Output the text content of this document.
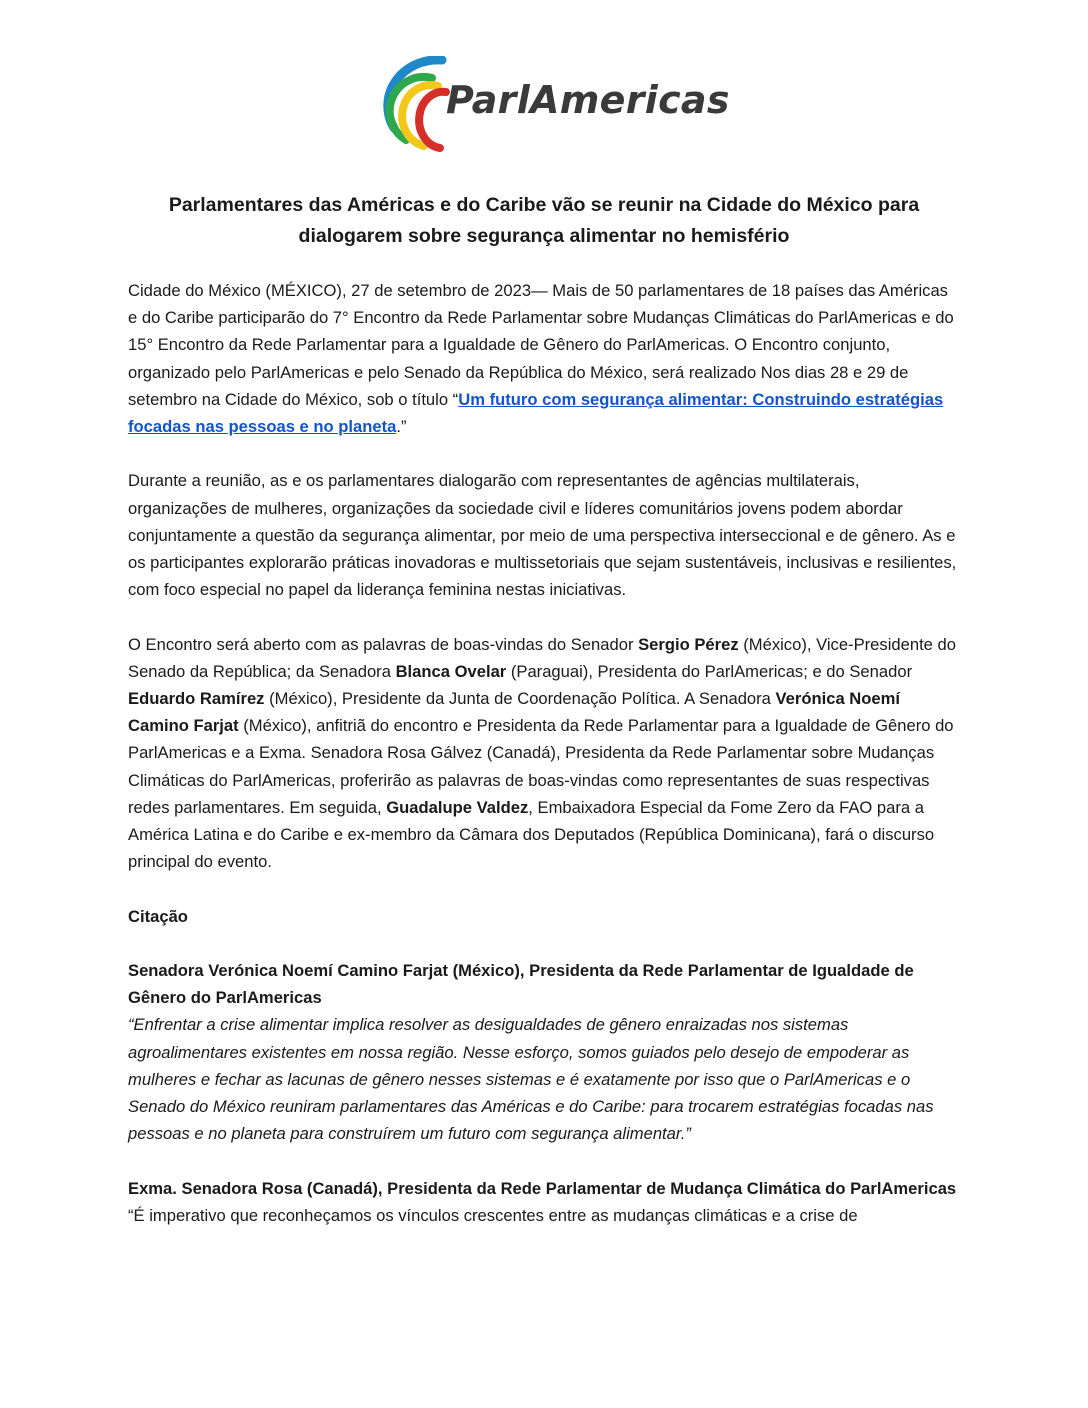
ParlAmericas
Parlamentares das Américas e do Caribe vão se reunir na Cidade do México para dialogarem sobre segurança alimentar no hemisfério

Cidade do México (MÉXICO), 27 de setembro de 2023— Mais de 50 parlamentares de 18 países das Américas e do Caribe participarão do 7° Encontro da Rede Parlamentar sobre Mudanças Climáticas do ParlAmericas e do 15° Encontro da Rede Parlamentar para a Igualdade de Gênero do ParlAmericas. O Encontro conjunto, organizado pelo ParlAmericas e pelo Senado da República do México, será realizado Nos dias 28 e 29 de setembro na Cidade do México, sob o título “Um futuro com segurança alimentar: Construindo estratégias focadas nas pessoas e no planeta.”

Durante a reunião, as e os parlamentares dialogarão com representantes de agências multilaterais, organizações de mulheres, organizações da sociedade civil e líderes comunitários jovens podem abordar conjuntamente a questão da segurança alimentar, por meio de uma perspectiva interseccional e de gênero. As e os participantes explorarão práticas inovadoras e multissetoriais que sejam sustentáveis, inclusivas e resilientes, com foco especial no papel da liderança feminina nestas iniciativas.

O Encontro será aberto com as palavras de boas-vindas do Senador Sergio Pérez (México), Vice-Presidente do Senado da República; da Senadora Blanca Ovelar (Paraguai), Presidenta do ParlAmericas; e do Senador Eduardo Ramírez (México), Presidente da Junta de Coordenação Política. A Senadora Verónica Noemí Camino Farjat (México), anfitriã do encontro e Presidenta da Rede Parlamentar para a Igualdade de Gênero do ParlAmericas e a Exma. Senadora Rosa Gálvez (Canadá), Presidenta da Rede Parlamentar sobre Mudanças Climáticas do ParlAmericas, proferirão as palavras de boas-vindas como representantes de suas respectivas redes parlamentares. Em seguida, Guadalupe Valdez, Embaixadora Especial da Fome Zero da FAO para a América Latina e do Caribe e ex-membro da Câmara dos Deputados (República Dominicana), fará o discurso principal do evento.

Citação

Senadora Verónica Noemí Camino Farjat (México), Presidenta da Rede Parlamentar de Igualdade de Gênero do ParlAmericas

“Enfrentar a crise alimentar implica resolver as desigualdades de gênero enraizadas nos sistemas agroalimentares existentes em nossa região. Nesse esforço, somos guiados pelo desejo de empoderar as mulheres e fechar as lacunas de gênero nesses sistemas e é exatamente por isso que o ParlAmericas e o Senado do México reuniram parlamentares das Américas e do Caribe: para trocarem estratégias focadas nas pessoas e no planeta para construírem um futuro com segurança alimentar.”

Exma. Senadora Rosa (Canadá), Presidenta da Rede Parlamentar de Mudança Climática do ParlAmericas

“É imperativo que reconheçamos os vínculos crescentes entre as mudanças climáticas e a crise de
